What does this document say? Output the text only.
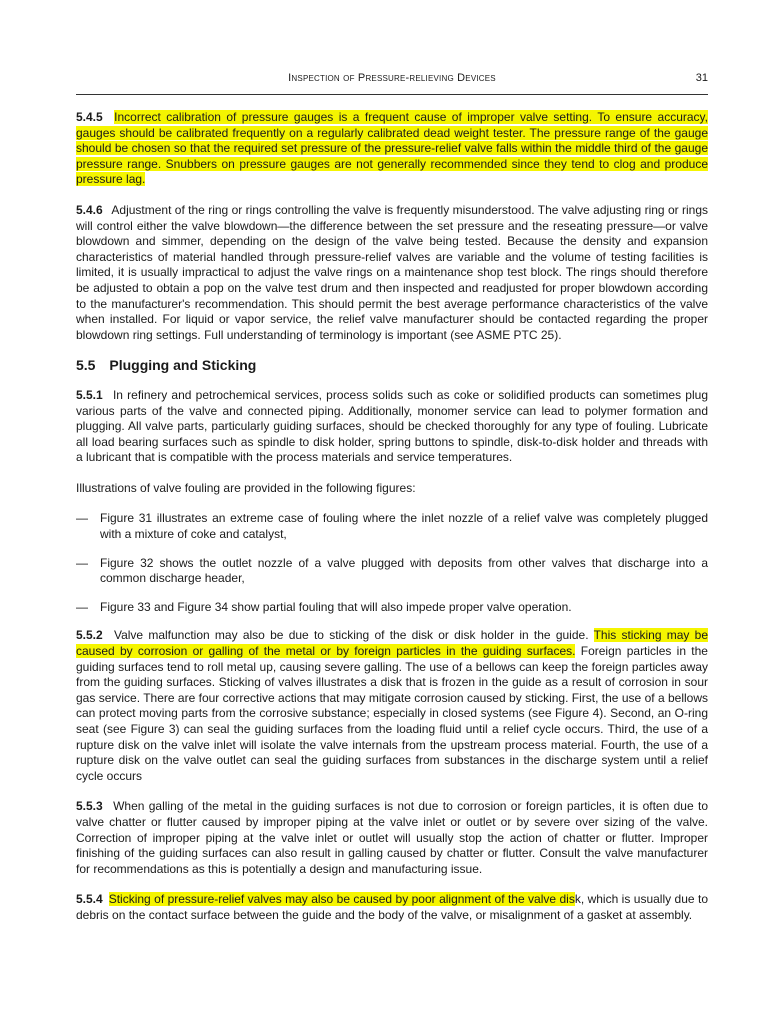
Inspection of Pressure-relieving Devices	31

5.4.5 Incorrect calibration of pressure gauges is a frequent cause of improper valve setting. To ensure accuracy, gauges should be calibrated frequently on a regularly calibrated dead weight tester. The pressure range of the gauge should be chosen so that the required set pressure of the pressure-relief valve falls within the middle third of the gauge pressure range. Snubbers on pressure gauges are not generally recommended since they tend to clog and produce pressure lag.

5.4.6 Adjustment of the ring or rings controlling the valve is frequently misunderstood. The valve adjusting ring or rings will control either the valve blowdown—the difference between the set pressure and the reseating pressure—or valve blowdown and simmer, depending on the design of the valve being tested. Because the density and expansion characteristics of material handled through pressure-relief valves are variable and the volume of testing facilities is limited, it is usually impractical to adjust the valve rings on a maintenance shop test block. The rings should therefore be adjusted to obtain a pop on the valve test drum and then inspected and readjusted for proper blowdown according to the manufacturer's recommendation. This should permit the best average performance characteristics of the valve when installed. For liquid or vapor service, the relief valve manufacturer should be contacted regarding the proper blowdown ring settings. Full understanding of terminology is important (see ASME PTC 25).

5.5 Plugging and Sticking

5.5.1 In refinery and petrochemical services, process solids such as coke or solidified products can sometimes plug various parts of the valve and connected piping. Additionally, monomer service can lead to polymer formation and plugging. All valve parts, particularly guiding surfaces, should be checked thoroughly for any type of fouling. Lubricate all load bearing surfaces such as spindle to disk holder, spring buttons to spindle, disk-to-disk holder and threads with a lubricant that is compatible with the process materials and service temperatures.

Illustrations of valve fouling are provided in the following figures:

— Figure 31 illustrates an extreme case of fouling where the inlet nozzle of a relief valve was completely plugged with a mixture of coke and catalyst,
— Figure 32 shows the outlet nozzle of a valve plugged with deposits from other valves that discharge into a common discharge header,
— Figure 33 and Figure 34 show partial fouling that will also impede proper valve operation.

5.5.2 Valve malfunction may also be due to sticking of the disk or disk holder in the guide. This sticking may be caused by corrosion or galling of the metal or by foreign particles in the guiding surfaces. Foreign particles in the guiding surfaces tend to roll metal up, causing severe galling. The use of a bellows can keep the foreign particles away from the guiding surfaces. Sticking of valves illustrates a disk that is frozen in the guide as a result of corrosion in sour gas service. There are four corrective actions that may mitigate corrosion caused by sticking. First, the use of a bellows can protect moving parts from the corrosive substance; especially in closed systems (see Figure 4). Second, an O-ring seat (see Figure 3) can seal the guiding surfaces from the loading fluid until a relief cycle occurs. Third, the use of a rupture disk on the valve inlet will isolate the valve internals from the upstream process material. Fourth, the use of a rupture disk on the valve outlet can seal the guiding surfaces from substances in the discharge system until a relief cycle occurs

5.5.3 When galling of the metal in the guiding surfaces is not due to corrosion or foreign particles, it is often due to valve chatter or flutter caused by improper piping at the valve inlet or outlet or by severe over sizing of the valve. Correction of improper piping at the valve inlet or outlet will usually stop the action of chatter or flutter. Improper finishing of the guiding surfaces can also result in galling caused by chatter or flutter. Consult the valve manufacturer for recommendations as this is potentially a design and manufacturing issue.

5.5.4 Sticking of pressure-relief valves may also be caused by poor alignment of the valve disk, which is usually due to debris on the contact surface between the guide and the body of the valve, or misalignment of a gasket at assembly.
